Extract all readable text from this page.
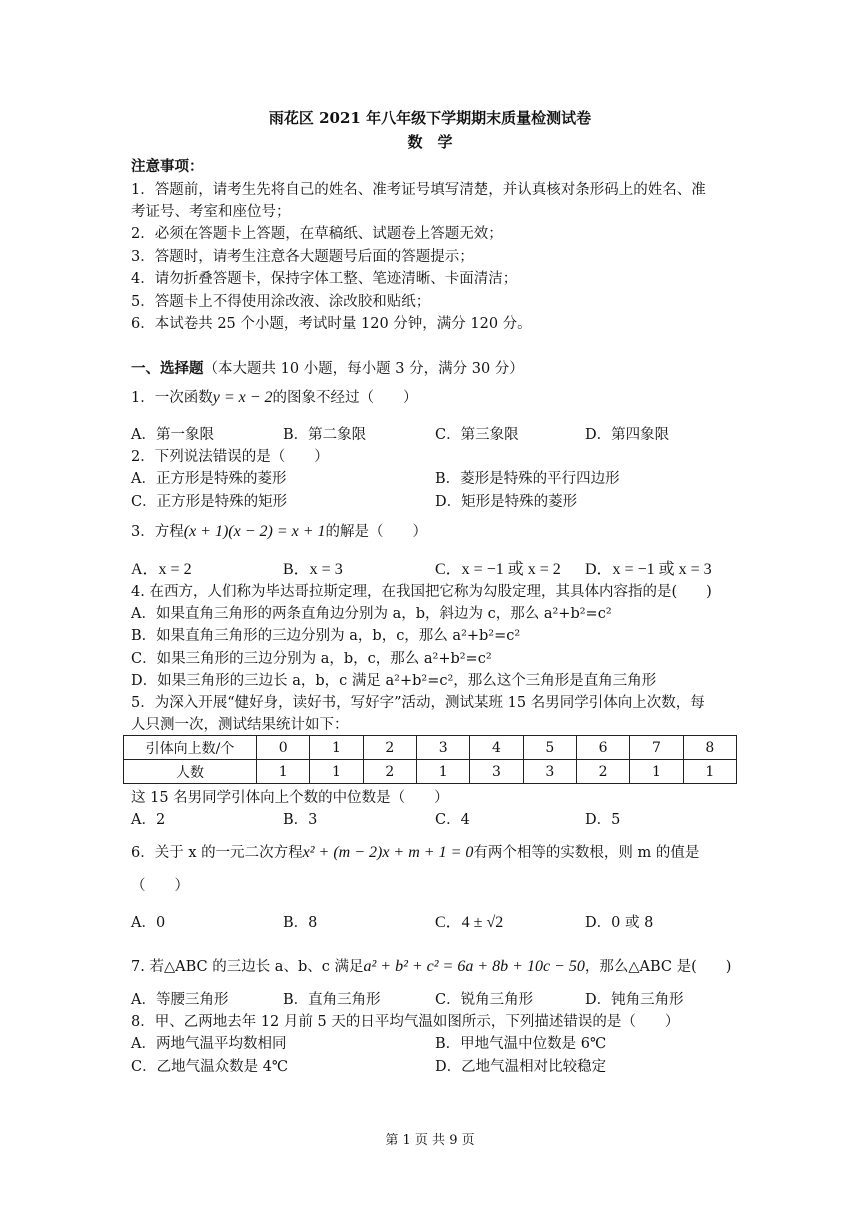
雨花区 2021 年八年级下学期期末质量检测试卷
数　学
注意事项：
1．答题前，请考生先将自己的姓名、准考证号填写清楚，并认真核对条形码上的姓名、准
考证号、考室和座位号；
2．必须在答题卡上答题，在草稿纸、试题卷上答题无效；
3．答题时，请考生注意各大题题号后面的答题提示；
4．请勿折叠答题卡，保持字体工整、笔迹清晰、卡面清洁；
5．答题卡上不得使用涂改液、涂改胶和贴纸；
6．本试卷共 25 个小题，考试时量 120 分钟，满分 120 分。
一、选择题（本大题共 10 小题，每小题 3 分，满分 30 分）
1．一次函数y = x − 2的图象不经过（　　）
A．第一象限	B．第二象限	C．第三象限	D．第四象限
2．下列说法错误的是（　　）
A．正方形是特殊的菱形	B．菱形是特殊的平行四边形
C．正方形是特殊的矩形	D．矩形是特殊的菱形
3．方程(x + 1)(x − 2) = x + 1的解是（　　）
A．x = 2	B．x = 3	C．x = −1 或 x = 2 D．x = −1 或 x = 3
4. 在西方，人们称为毕达哥拉斯定理，在我国把它称为勾股定理，其具体内容指的是(　　)
A．如果直角三角形的两条直角边分别为 a，b，斜边为 c，那么 a²+b²=c²
B．如果直角三角形的三边分别为 a，b，c，那么 a²+b²=c²
C．如果三角形的三边分别为 a，b，c，那么 a²+b²=c²
D．如果三角形的三边长 a，b，c 满足 a²+b²=c²，那么这个三角形是直角三角形
5．为深入开展“健好身，读好书，写好字”活动，测试某班 15 名男同学引体向上次数，每
人只测一次，测试结果统计如下：
引体向上数/个	0	1	2	3	4	5	6	7	8
人数	1	1	2	1	3	3	2	1	1
这 15 名男同学引体向上个数的中位数是（　　）
A．2	B．3	C．4	D．5
6．关于 x 的一元二次方程x² + (m − 2)x + m + 1 = 0有两个相等的实数根，则 m 的值是
（　　）
A．0	B．8	C．4 ± √2	D．0 或 8
7. 若△ABC 的三边长 a、b、c 满足a² + b² + c² = 6a + 8b + 10c − 50，那么△ABC 是(　　)
A．等腰三角形	B．直角三角形	C．锐角三角形	D．钝角三角形
8．甲、乙两地去年 12 月前 5 天的日平均气温如图所示，下列描述错误的是（　　）
A．两地气温平均数相同	B．甲地气温中位数是 6℃
C．乙地气温众数是 4℃	D．乙地气温相对比较稳定
第 1 页 共 9 页
